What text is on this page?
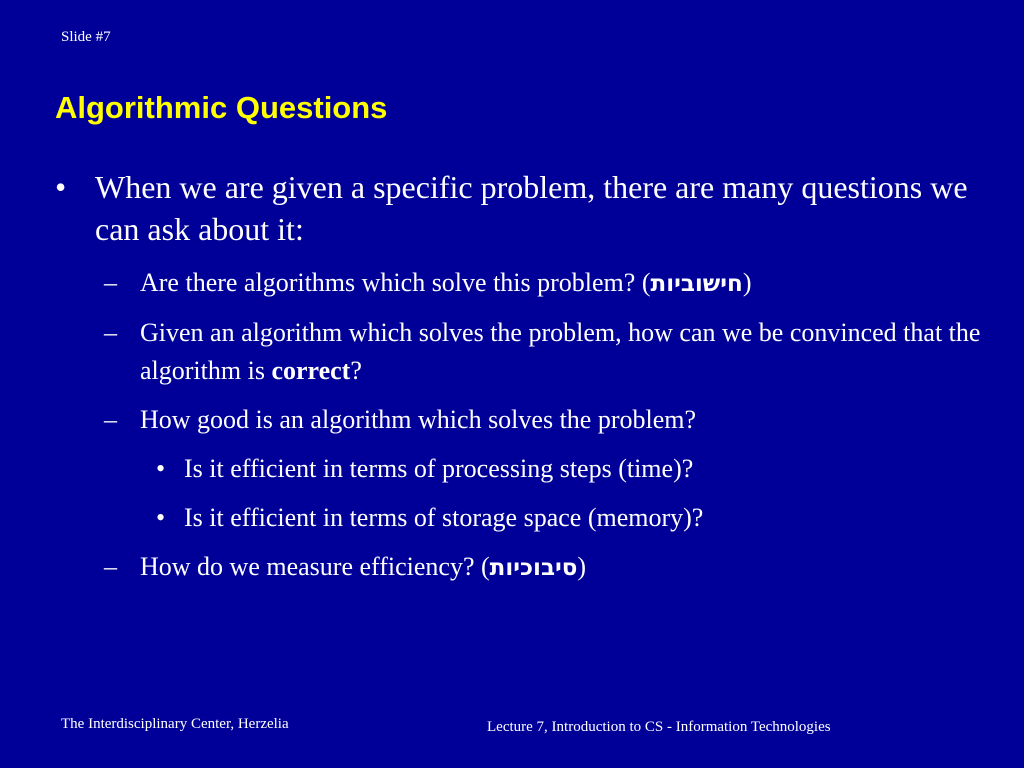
Slide #7
Algorithmic Questions
• When we are given a specific problem, there are many questions we can ask about it:
– Are there algorithms which solve this problem? (חישוביות)
– Given an algorithm which solves the problem, how can we be convinced that the algorithm is correct?
– How good is an algorithm which solves the problem?
• Is it efficient in terms of processing steps (time)?
• Is it efficient in terms of storage space (memory)?
– How do we measure efficiency? (סיבוכיות)
The Interdisciplinary Center, Herzelia	Lecture 7, Introduction to CS - Information Technologies
